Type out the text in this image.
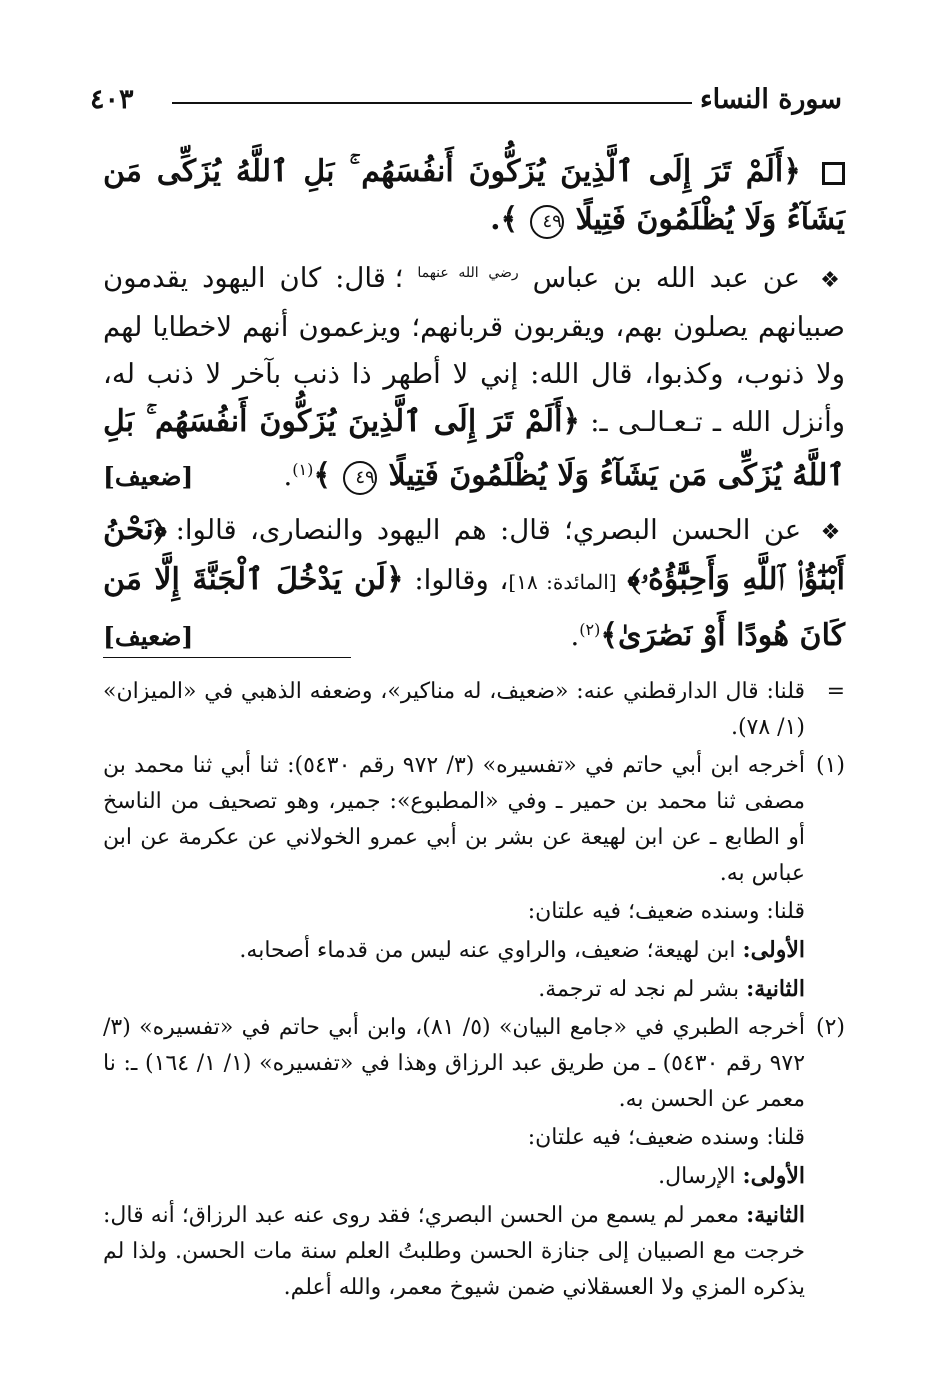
سورة النساء
٤٠٣

﴿أَلَمْ تَرَ إِلَى ٱلَّذِينَ يُزَكُّونَ أَنفُسَهُم ۚ بَلِ ٱللَّهُ يُزَكِّى مَن يَشَآءُ وَلَا يُظْلَمُونَ فَتِيلًا ٤٩ ﴾.

❖ عن عبد الله بن عباس $^{رضي الله عنهما}$ ؛ قال: كان اليهود يقدمون صبيانهم يصلون بهم، ويقربون قربانهم؛ ويزعمون أنهم لاخطايا لهم ولا ذنوب، وكذبوا، قال الله: إني لا أطهر ذا ذنب بآخر لا ذنب له، وأنزل الله ـ تـعـالـى ـ: ﴿أَلَمْ تَرَ إِلَى ٱلَّذِينَ يُزَكُّونَ أَنفُسَهُم ۚ بَلِ ٱللَّهُ يُزَكِّى مَن يَشَآءُ وَلَا يُظْلَمُونَ فَتِيلًا ٤٩ ﴾$^{(١)}$.
[ضعيف]

❖ عن الحسن البصري؛ قال: هم اليهود والنصارى، قالوا: ﴿نَحْنُ أَبْنَٰٓؤُا۟ ٱللَّهِ وَأَحِبَّٰٓؤُهُۥ﴾ [المائدة: ١٨]، وقالوا: ﴿لَن يَدْخُلَ ٱلْجَنَّةَ إِلَّا مَن كَانَ هُودًا أَوْ نَصَٰرَىٰ﴾$^{(٢)}$.
[ضعيف]

=
قلنا: قال الدارقطني عنه: «ضعيف، له مناكير»، وضعفه الذهبي في «الميزان» (١/ ٧٨).

(١)
أخرجه ابن أبي حاتم في «تفسيره» (٣/ ٩٧٢ رقم ٥٤٣٠): ثنا أبي ثنا محمد بن مصفى ثنا محمد بن حمير ـ وفي «المطبوع»: جمير، وهو تصحيف من الناسخ أو الطابع ـ عن ابن لهيعة عن بشر بن أبي عمرو الخولاني عن عكرمة عن ابن عباس به.

قلنا: وسنده ضعيف؛ فيه علتان:

الأولى: ابن لهيعة؛ ضعيف، والراوي عنه ليس من قدماء أصحابه.

الثانية: بشر لم نجد له ترجمة.

(٢)
أخرجه الطبري في «جامع البيان» (٥/ ٨١)، وابن أبي حاتم في «تفسيره» (٣/ ٩٧٢ رقم ٥٤٣٠) ـ من طريق عبد الرزاق وهذا في «تفسيره» (١/ ١/ ١٦٤) ـ: نا معمر عن الحسن به.

قلنا: وسنده ضعيف؛ فيه علتان:

الأولى: الإرسال.

الثانية: معمر لم يسمع من الحسن البصري؛ فقد روى عنه عبد الرزاق؛ أنه قال: خرجت مع الصبيان إلى جنازة الحسن وطلبتُ العلم سنة مات الحسن. ولذا لم يذكره المزي ولا العسقلاني ضمن شيوخ معمر، والله أعلم.
